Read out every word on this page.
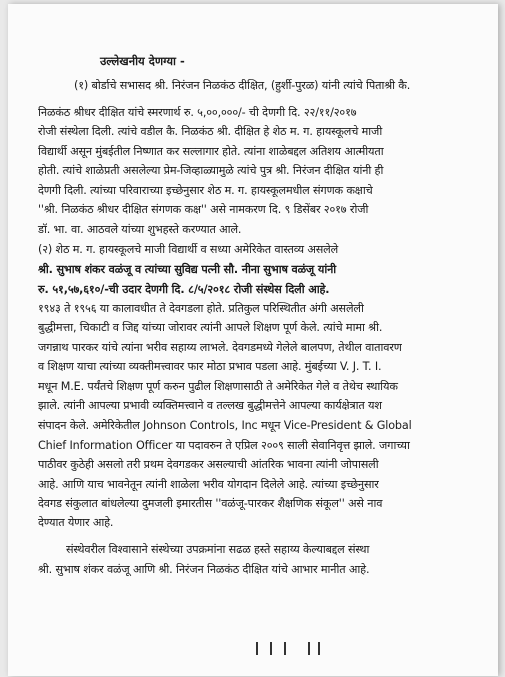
उल्लेखनीय देणग्या -
(१) बोर्डाचे सभासद श्री. निरंजन निळकंठ दीक्षित, (हुर्शी-पुरळ) यांनी त्यांचे पिताश्री कै.
निळकंठ श्रीधर दीक्षित यांचे स्मरणार्थ रु. ५,००,०००/- ची देणगी दि. २२/११/२०१७
रोजी संस्थेला दिली. त्यांचे वडील कै. निळकंठ श्री. दीक्षित हे शेठ म. ग. हायस्कूलचे माजी
विद्यार्थी असून मुंबईतील निष्णात कर सल्लागार होते. त्यांना शाळेबद्दल अतिशय आत्मीयता
होती. त्यांचे शाळेप्रती असलेल्या प्रेम-जिव्हाळ्यामुळे त्यांचे पुत्र श्री. निरंजन दीक्षित यांनी ही
देणगी दिली. त्यांच्या परिवाराच्या इच्छेनुसार शेठ म. ग. हायस्कूलमधील संगणक कक्षाचे
''श्री. निळकंठ श्रीधर दीक्षित संगणक कक्ष'' असे नामकरण दि. ९ डिसेंबर २०१७ रोजी
डॉ. भा. वा. आठवले यांच्या शुभहस्ते करण्यात आले.
(२) शेठ म. ग. हायस्कूलचे माजी विद्यार्थी व सध्या अमेरिकेत वास्तव्य असलेले
श्री. सुभाष शंकर वळंजू व त्यांच्या सुविद्य पत्नी सौ. नीना सुभाष वळंजू यांनी
रु. ५१,५७,६१०/-ची उदार देणगी दि. ८/५/२०१८ रोजी संस्थेस दिली आहे.
१९४३ ते १९५६ या कालावधीत ते देवगडला होते. प्रतिकुल परिस्थितीत अंगी असलेली
बुद्धीमत्ता, चिकाटी व जिद्द यांच्या जोरावर त्यांनी आपले शिक्षण पूर्ण केले. त्यांचे मामा श्री.
जगन्नाथ पारकर यांचे त्यांना भरीव सहाय्य लाभले. देवगडमध्ये गेलेले बालपण, तेथील वातावरण
व शिक्षण याचा त्यांच्या व्यक्तीमत्त्वावर फार मोठा प्रभाव पडला आहे. मुंबईच्या V. J. T. I.
मधून M.E. पर्यंतचे शिक्षण पूर्ण करुन पुढील शिक्षणासाठी ते अमेरिकेत गेले व तेथेच स्थायिक
झाले. त्यांनी आपल्या प्रभावी व्यक्तिमत्त्वाने व तल्लख बुद्धीमत्तेने आपल्या कार्यक्षेत्रात यश
संपादन केले. अमेरिकेतील Johnson Controls, Inc मधून Vice-President & Global
Chief Information Officer या पदावरुन ते एप्रिल २००९ साली सेवानिवृत्त झाले. जगाच्या
पाठीवर कुठेही असलो तरी प्रथम देवगडकर असल्याची आंतरिक भावना त्यांनी जोपासली
आहे. आणि याच भावनेतून त्यांनी शाळेला भरीव योगदान दिलेले आहे. त्यांच्या इच्छेनुसार
देवगड संकुलात बांधलेल्या दुमजली इमारतीस ''वळंजू-पारकर शैक्षणिक संकूल'' असे नाव
देण्यात येणार आहे.
संस्थेवरील विश्वासाने संस्थेच्या उपक्रमांना सढळ हस्ते सहाय्य केल्याबद्दल संस्था
श्री. सुभाष शंकर वळंजू आणि श्री. निरंजन निळकंठ दीक्षित यांचे आभार मानीत आहे.
